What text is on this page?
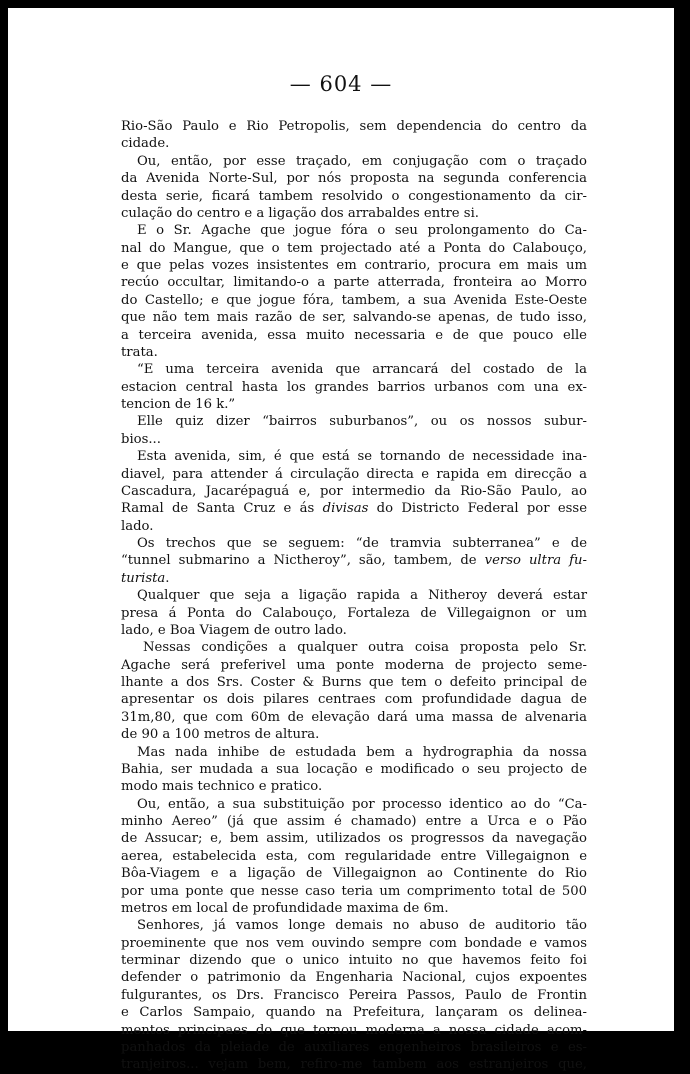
— 604 —
Rio-São Paulo e Rio Petropolis, sem dependencia do centro da
cidade.
Ou, então, por esse traçado, em conjugação com o traçado
da Avenida Norte-Sul, por nós proposta na segunda conferencia
desta serie, ficará tambem resolvido o congestionamento da cir-
culação do centro e a ligação dos arrabaldes entre si.
E o Sr. Agache que jogue fóra o seu prolongamento do Ca-
nal do Mangue, que o tem projectado até a Ponta do Calabouço,
e que pelas vozes insistentes em contrario, procura em mais um
recúo occultar, limitando-o a parte atterrada, fronteira ao Morro
do Castello; e que jogue fóra, tambem, a sua Avenida Este-Oeste
que não tem mais razão de ser, salvando-se apenas, de tudo isso,
a terceira avenida, essa muito necessaria e de que pouco elle
trata.
“E uma terceira avenida que arrancará del costado de la
estacion central hasta los grandes barrios urbanos com una ex-
tencion de 16 k.”
Elle quiz dizer “bairros suburbanos”, ou os nossos subur-
bios...
Esta avenida, sim, é que está se tornando de necessidade ina-
diavel, para attender á circulação directa e rapida em direcção a
Cascadura, Jacarépaguá e, por intermedio da Rio-São Paulo, ao
Ramal de Santa Cruz e ás divisas do Districto Federal por esse
lado.
Os trechos que se seguem: “de tramvia subterranea” e de
“tunnel submarino a Nictheroy”, são, tambem, de verso ultra fu-
turista.
Qualquer que seja a ligação rapida a Nitheroy deverá estar
presa á Ponta do Calabouço, Fortaleza de Villegaignon or um
lado, e Boa Viagem de outro lado.
Nessas condições a qualquer outra coisa proposta pelo Sr.
Agache será preferivel uma ponte moderna de projecto seme-
lhante a dos Srs. Coster & Burns que tem o defeito principal de
apresentar os dois pilares centraes com profundidade dagua de
31m,80, que com 60m de elevação dará uma massa de alvenaria
de 90 a 100 metros de altura.
Mas nada inhibe de estudada bem a hydrographia da nossa
Bahia, ser mudada a sua locação e modificado o seu projecto de
modo mais technico e pratico.
Ou, então, a sua substituição por processo identico ao do “Ca-
minho Aereo” (já que assim é chamado) entre a Urca e o Pão
de Assucar; e, bem assim, utilizados os progressos da navegação
aerea, estabelecida esta, com regularidade entre Villegaignon e
Bôa-Viagem e a ligação de Villegaignon ao Continente do Rio
por uma ponte que nesse caso teria um comprimento total de 500
metros em local de profundidade maxima de 6m.
Senhores, já vamos longe demais no abuso de auditorio tão
proeminente que nos vem ouvindo sempre com bondade e vamos
terminar dizendo que o unico intuito no que havemos feito foi
defender o patrimonio da Engenharia Nacional, cujos expoentes
fulgurantes, os Drs. Francisco Pereira Passos, Paulo de Frontin
e Carlos Sampaio, quando na Prefeitura, lançaram os delinea-
mentos principaes do que tornou moderna a nossa cidade acom-
panhados da pleiade de auxiliares engenheiros brasileiros e es-
tranjeiros... vejam bem, refiro-me tambem aos estranjeiros que,
